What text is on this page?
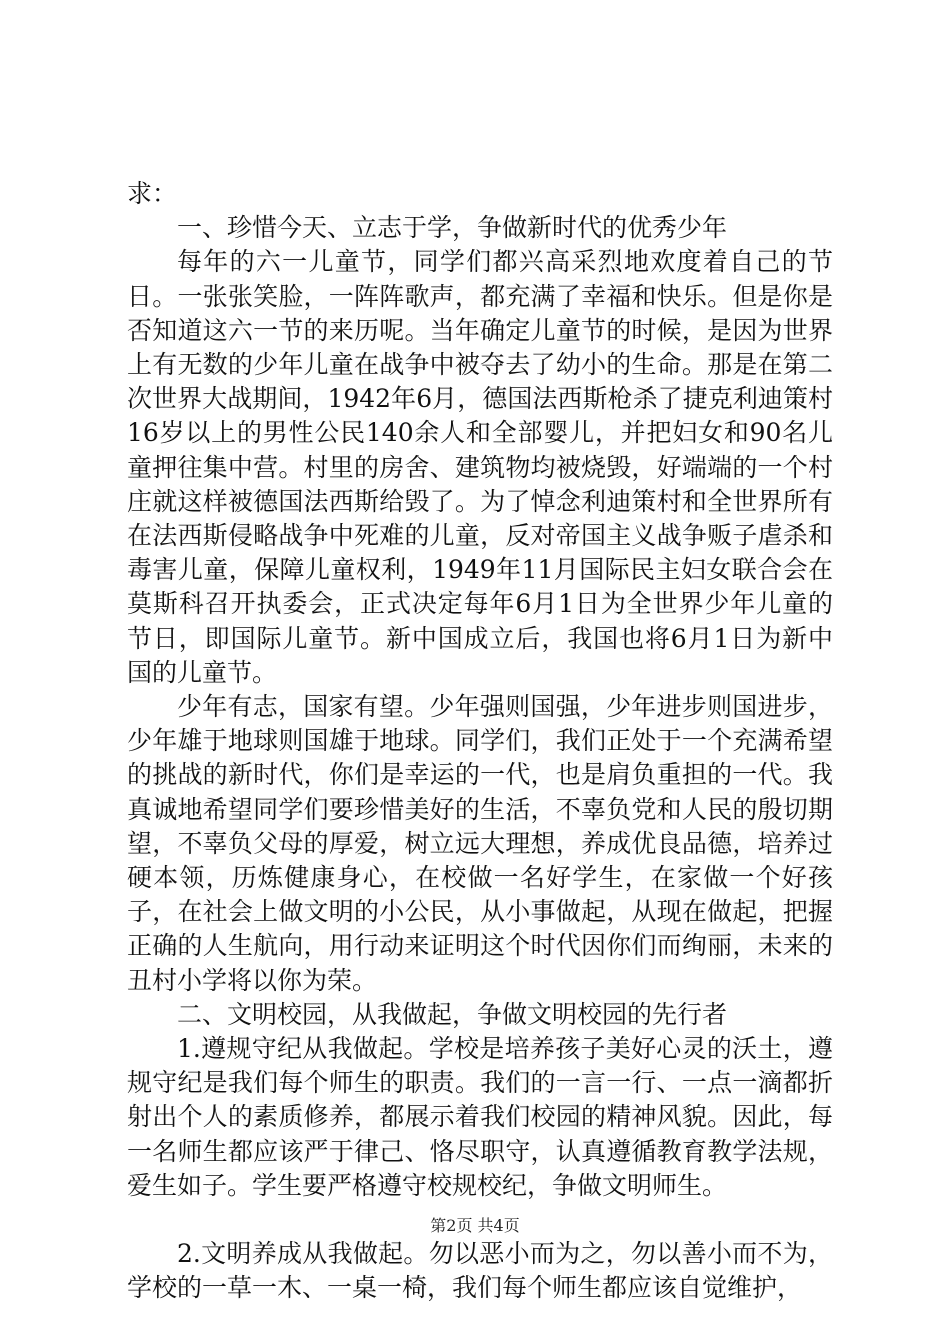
求：

一、珍惜今天、立志于学，争做新时代的优秀少年

每年的六一儿童节，同学们都兴高采烈地欢度着自己的节日。一张张笑脸，一阵阵歌声，都充满了幸福和快乐。但是你是否知道这六一节的来历呢。当年确定儿童节的时候，是因为世界上有无数的少年儿童在战争中被夺去了幼小的生命。那是在第二次世界大战期间，1942年6月，德国法西斯枪杀了捷克利迪策村16岁以上的男性公民140余人和全部婴儿，并把妇女和90名儿童押往集中营。村里的房舍、建筑物均被烧毁，好端端的一个村庄就这样被德国法西斯给毁了。为了悼念利迪策村和全世界所有在法西斯侵略战争中死难的儿童，反对帝国主义战争贩子虐杀和毒害儿童，保障儿童权利，1949年11月国际民主妇女联合会在莫斯科召开执委会，正式决定每年6月1日为全世界少年儿童的节日，即国际儿童节。新中国成立后，我国也将6月1日为新中国的儿童节。

少年有志，国家有望。少年强则国强，少年进步则国进步，少年雄于地球则国雄于地球。同学们，我们正处于一个充满希望的挑战的新时代，你们是幸运的一代，也是肩负重担的一代。我真诚地希望同学们要珍惜美好的生活，不辜负党和人民的殷切期望，不辜负父母的厚爱，树立远大理想，养成优良品德，培养过硬本领，历炼健康身心，在校做一名好学生，在家做一个好孩子，在社会上做文明的小公民，从小事做起，从现在做起，把握正确的人生航向，用行动来证明这个时代因你们而绚丽，未来的丑村小学将以你为荣。

二、文明校园，从我做起，争做文明校园的先行者

1.遵规守纪从我做起。学校是培养孩子美好心灵的沃土，遵规守纪是我们每个师生的职责。我们的一言一行、一点一滴都折射出个人的素质修养，都展示着我们校园的精神风貌。因此，每一名师生都应该严于律己、恪尽职守，认真遵循教育教学法规，爱生如子。学生要严格遵守校规校纪，争做文明师生。

2.文明养成从我做起。勿以恶小而为之，勿以善小而不为，学校的一草一木、一桌一椅，我们每个师生都应该自觉维护，

第2页 共4页
